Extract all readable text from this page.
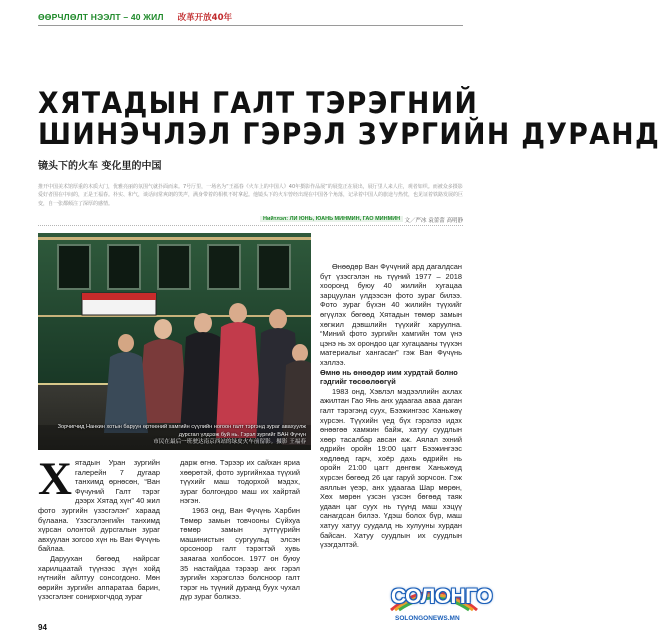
ӨӨРЧЛӨЛТ НЭЭЛТ – 40 ЖИЛ 改革开放40年
ХЯТАДЫН ГАЛТ ТЭРЭГНИЙ
ШИНЭЧЛЭЛ ГЭРЭЛ ЗУРГИЙН ДУРАНД
镜头下的火车 变化里的中国
推开中国美术馆厚重的木质大门，优雅亮丽的氛围气就扑面而来。7号厅里，一场名为“王福春《火车上的中国人》40年摄影作品展”的展览正在展出，展厅里人来人往，观者如织。而被众多摄影爱好者围在中间的，正是王福春。朴实、和气，谈话间常爽朗的笑声，满身带着的相机不时拿起。他镜头下的火车曾经出现在中国各个角落，记录着中国人的旅途与热忱，也见证着铁路发展的巨变，自一张都倾注了深厚的感情。
Нийтлэл: ЛИ ЮНЬ, ЮАНЬ МИНМИН, ГАО МИНМИН 文／严冰 袁蕾蕾 高明静
Зорчигчид Нанкин хотын баруун өртөөний хамгийн сүүлийн ногоон галт тэргэнд зураг авахуулж дурсгал үлдээж буй нь. Гэрэл зургийг ВАН Фүчүн
市民在最后一班驶达南京西站的绿皮火车前留影。摄影 王福春
Х ятадын Уран зургийн галерейн 7 дугаар танхимд өрнөсөн, “Ван Фүчуний Галт тэрэг дээрх Хятад хүн” 40 жил фото зургийн үзэсгэлэн” хараад бүлаана. Үзэсгэлэнгийн танхимд хүрсан олонтой дурсгалын зураг авхуулан зогсоо хүн нь Ван Фүчүнь байлаа.

Даруухан бөгөөд найрсаг харилцаатай түүнээс зүүн хойд нүтнийн айлтуу сонсогдоно. Мөн өөрийн зургийн аппаратаа барин, үзэсгэлэнг сонирхогчдод зураг

дарж өгнө. Тэрээр их сайхан яриа хөөрөтэй, фото зургийнхаа түүхий түүхийг маш тодорхой мэдэх, зураг болгондоо маш их хайртай нэгэн.

1963 онд, Ван Фүчүнь Харбин Төмөр замын товчооны Сүйхуа төмөр замын зүтгүүрийн машинистын сургуульд элсэн орсоноор галт тэрэгтэй хувь заяагаа холбосон. 1977 он буюу 35 настайдаа тэрээр анх гэрэл зургийн хэрэгслээ болсноор галт тэрэг нь түүний дуранд буух чухал дүр зураг болжээ.

Өнөөдөр Ван Фүчүний ард дагалдсан бүт үзэсгэлэн нь түүний 1977 – 2018 хооронд буюу 40 жилийн хугацаа зарцуулан үлдээсэн фото зураг билээ. Фото зураг бүхэн 40 жилийн түүхийг өгүүлэх бөгөөд Хятадын төмөр замын хөгжил дэвшлийн түүхийг харуулна. “Миний фото зургийн хамгийн том үнэ цэнэ нь эх орондоо цаг хугацааны түүхэн материалыг хангасан” гэж Ван Фүчүнь хэллээ.

Өмнө нь өнөөдөр иим хурдтай болно гэдгийг төсөөлөөгүй

1983 онд, Хэвлэл мэдээллийн ахлах ажилтан Гао Янь анх удаагаа аваа даган галт тэрэгэнд суух, Бээжингээс Ханьжөү хүрсэн. Түүхийн үед бүх гэрэлээ идэх өнөөгөө хамжин байж, хатуу суудлын хөөр тасалбар авсан аж. Аялал эхний өдрийн оройн 19:00 цагт Бээжингээс хөдлөөд гарч, хоёр дахь өдрийн нь оройн 21:00 цагт дөнгөж Ханьжөүд хүрсэн бөгөөд 26 цаг гаруй зорчсон. Гэж аяллын үеэр, анх удаагаа Шар мөрөн, Хөх мөрөн үзсэн үзсэн бөгөөд таяк удаан цаг суух нь түүнд маш хэцүү санагдсан билээ. Үдэш болох бүр, маш хатуу хатуу суудалд нь хулууны хурдан байсан. Хатуу суудлын их суудлын үзэгдэлтэй.

94
СОЛОНГО
SOLONGONEWS.MN
